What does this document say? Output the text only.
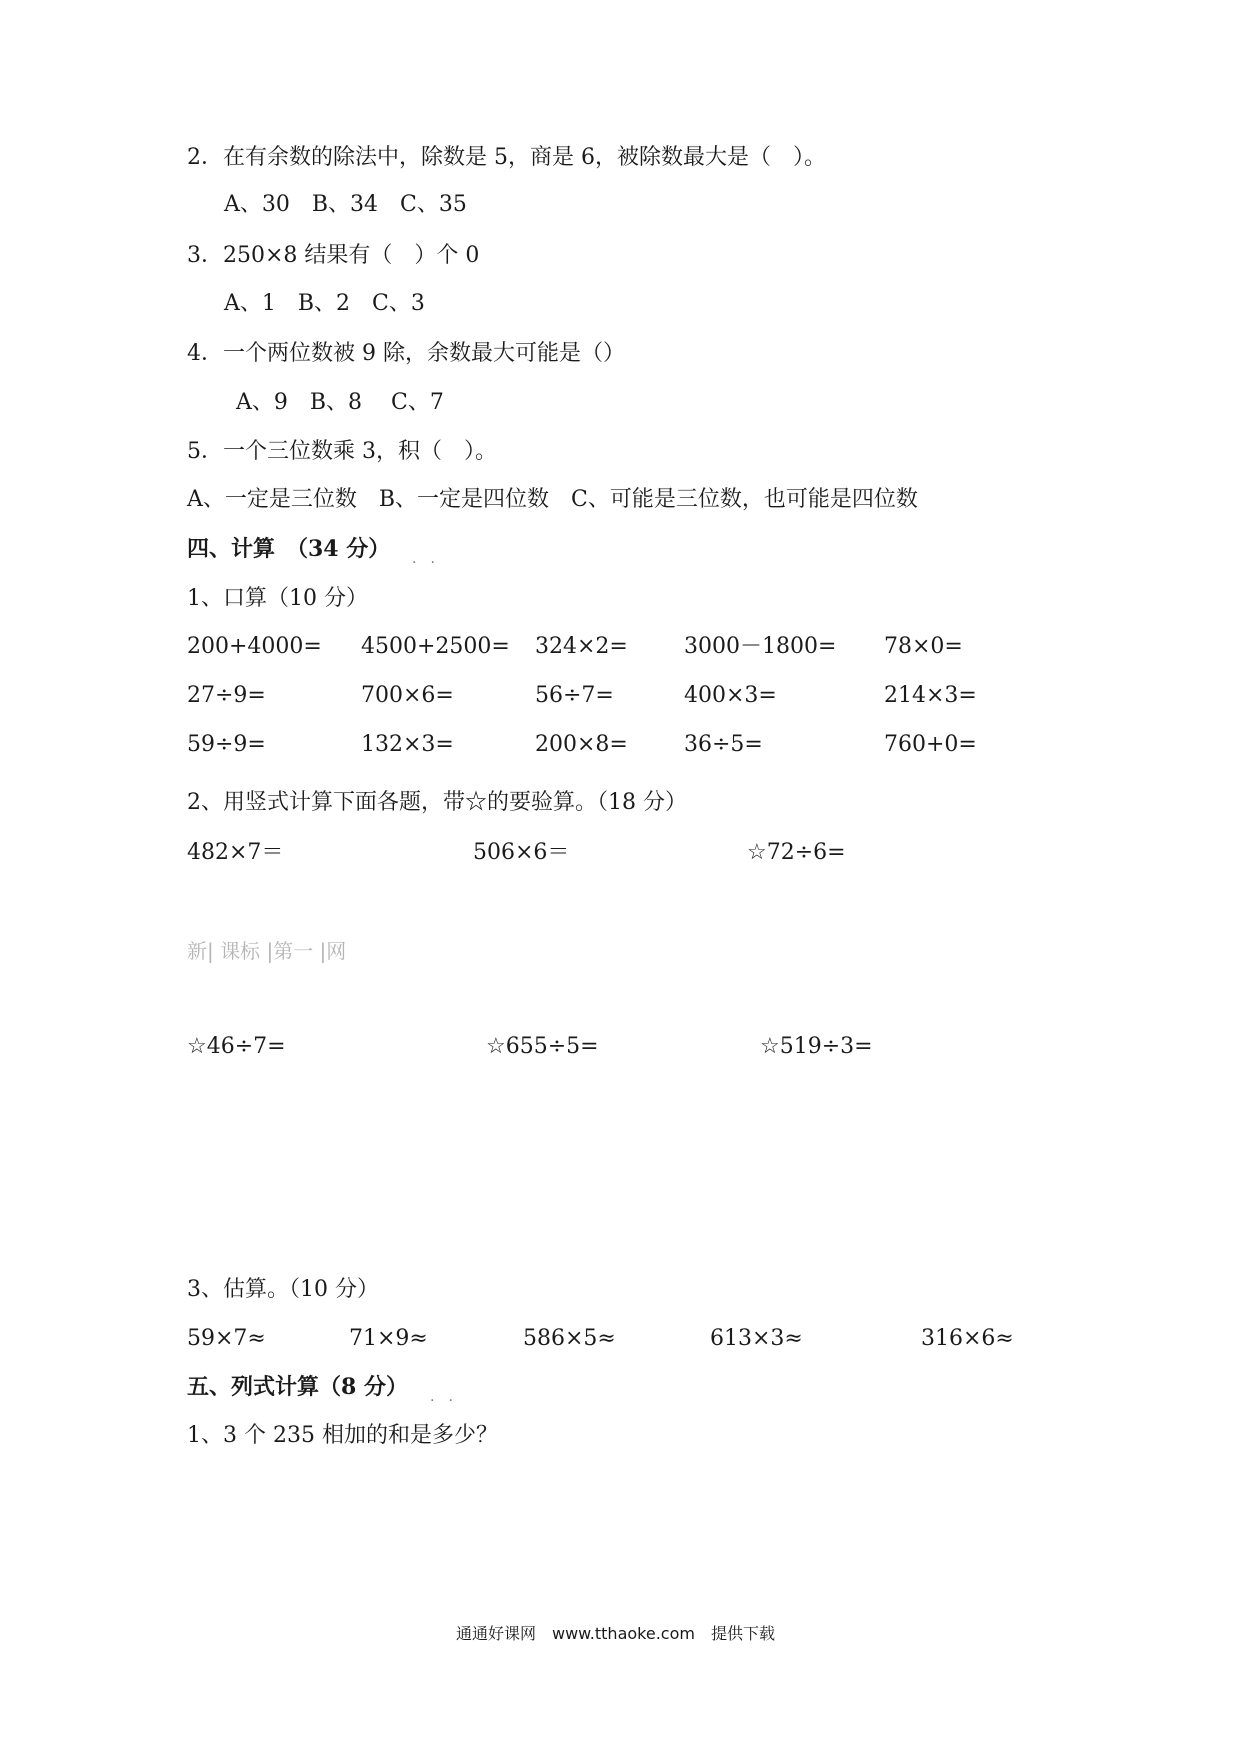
2．在有余数的除法中，除数是 5，商是 6，被除数最大是（　）。
A、30　B、34　C、35
3．250×8 结果有（　）个 0
A、1　B、2　C、3
4．一个两位数被 9 除，余数最大可能是（）
A、9　B、8　 C、7
5．一个三位数乘 3，积（　）。
A、一定是三位数　B、一定是四位数　C、可能是三位数，也可能是四位数
四、计算　（34 分） .　.
1、口算（10 分）
200+4000= 4500+2500= 324×2=	3000－1800= 78×0=
27÷9=	700×6=	56÷7=	400×3=	214×3=
59÷9=	132×3=	200×8=	36÷5=	760+0=
2、用竖式计算下面各题，带☆的要验算。（18 分）
482×7＝	506×6＝	☆72÷6=
新| 课标 |第一 |网
☆46÷7=	☆655÷5=	☆519÷3=
3、估算。（10 分）
59×7≈	71×9≈	586×5≈	613×3≈	316×6≈
五、列式计算（8 分） .　.
1、3 个 235 相加的和是多少？
通通好课网　www.tthaoke.com　提供下载
